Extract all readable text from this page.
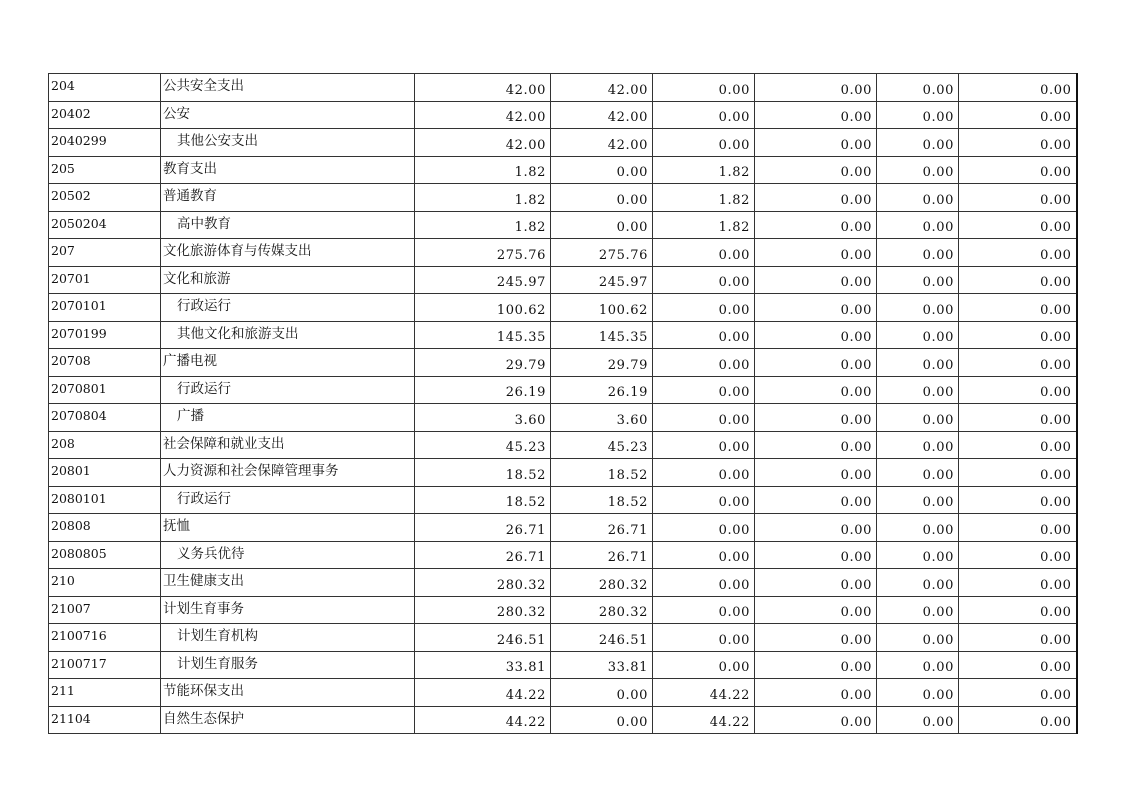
204	公共安全支出	42.00	42.00	0.00	0.00	0.00	0.00
20402	公安	42.00	42.00	0.00	0.00	0.00	0.00
2040299	其他公安支出	42.00	42.00	0.00	0.00	0.00	0.00
205	教育支出	1.82	0.00	1.82	0.00	0.00	0.00
20502	普通教育	1.82	0.00	1.82	0.00	0.00	0.00
2050204	高中教育	1.82	0.00	1.82	0.00	0.00	0.00
207	文化旅游体育与传媒支出	275.76	275.76	0.00	0.00	0.00	0.00
20701	文化和旅游	245.97	245.97	0.00	0.00	0.00	0.00
2070101	行政运行	100.62	100.62	0.00	0.00	0.00	0.00
2070199	其他文化和旅游支出	145.35	145.35	0.00	0.00	0.00	0.00
20708	广播电视	29.79	29.79	0.00	0.00	0.00	0.00
2070801	行政运行	26.19	26.19	0.00	0.00	0.00	0.00
2070804	广播	3.60	3.60	0.00	0.00	0.00	0.00
208	社会保障和就业支出	45.23	45.23	0.00	0.00	0.00	0.00
20801	人力资源和社会保障管理事务	18.52	18.52	0.00	0.00	0.00	0.00
2080101	行政运行	18.52	18.52	0.00	0.00	0.00	0.00
20808	抚恤	26.71	26.71	0.00	0.00	0.00	0.00
2080805	义务兵优待	26.71	26.71	0.00	0.00	0.00	0.00
210	卫生健康支出	280.32	280.32	0.00	0.00	0.00	0.00
21007	计划生育事务	280.32	280.32	0.00	0.00	0.00	0.00
2100716	计划生育机构	246.51	246.51	0.00	0.00	0.00	0.00
2100717	计划生育服务	33.81	33.81	0.00	0.00	0.00	0.00
211	节能环保支出	44.22	0.00	44.22	0.00	0.00	0.00
21104	自然生态保护	44.22	0.00	44.22	0.00	0.00	0.00
